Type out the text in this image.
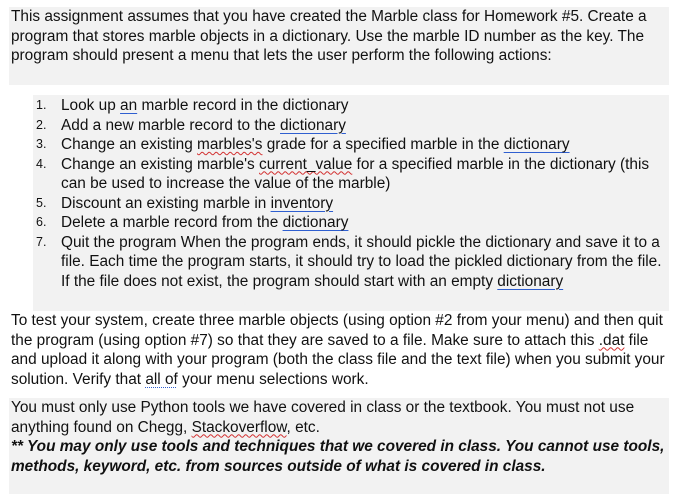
This assignment assumes that you have created the Marble class for Homework #5. Create a program that stores marble objects in a dictionary. Use the marble ID number as the key. The program should present a menu that lets the user perform the following actions:
1. Look up an marble record in the dictionary
2. Add a new marble record to the dictionary
3. Change an existing marbles's grade for a specified marble in the dictionary
4. Change an existing marble's current_value for a specified marble in the dictionary (this can be used to increase the value of the marble)
5. Discount an existing marble in inventory
6. Delete a marble record from the dictionary
7. Quit the program When the program ends, it should pickle the dictionary and save it to a file. Each time the program starts, it should try to load the pickled dictionary from the file. If the file does not exist, the program should start with an empty dictionary
To test your system, create three marble objects (using option #2 from your menu) and then quit the program (using option #7) so that they are saved to a file. Make sure to attach this .dat file and upload it along with your program (both the class file and the text file) when you submit your solution. Verify that all of your menu selections work.
You must only use Python tools we have covered in class or the textbook. You must not use anything found on Chegg, Stackoverflow, etc.
** You may only use tools and techniques that we covered in class. You cannot use tools, methods, keyword, etc. from sources outside of what is covered in class.
